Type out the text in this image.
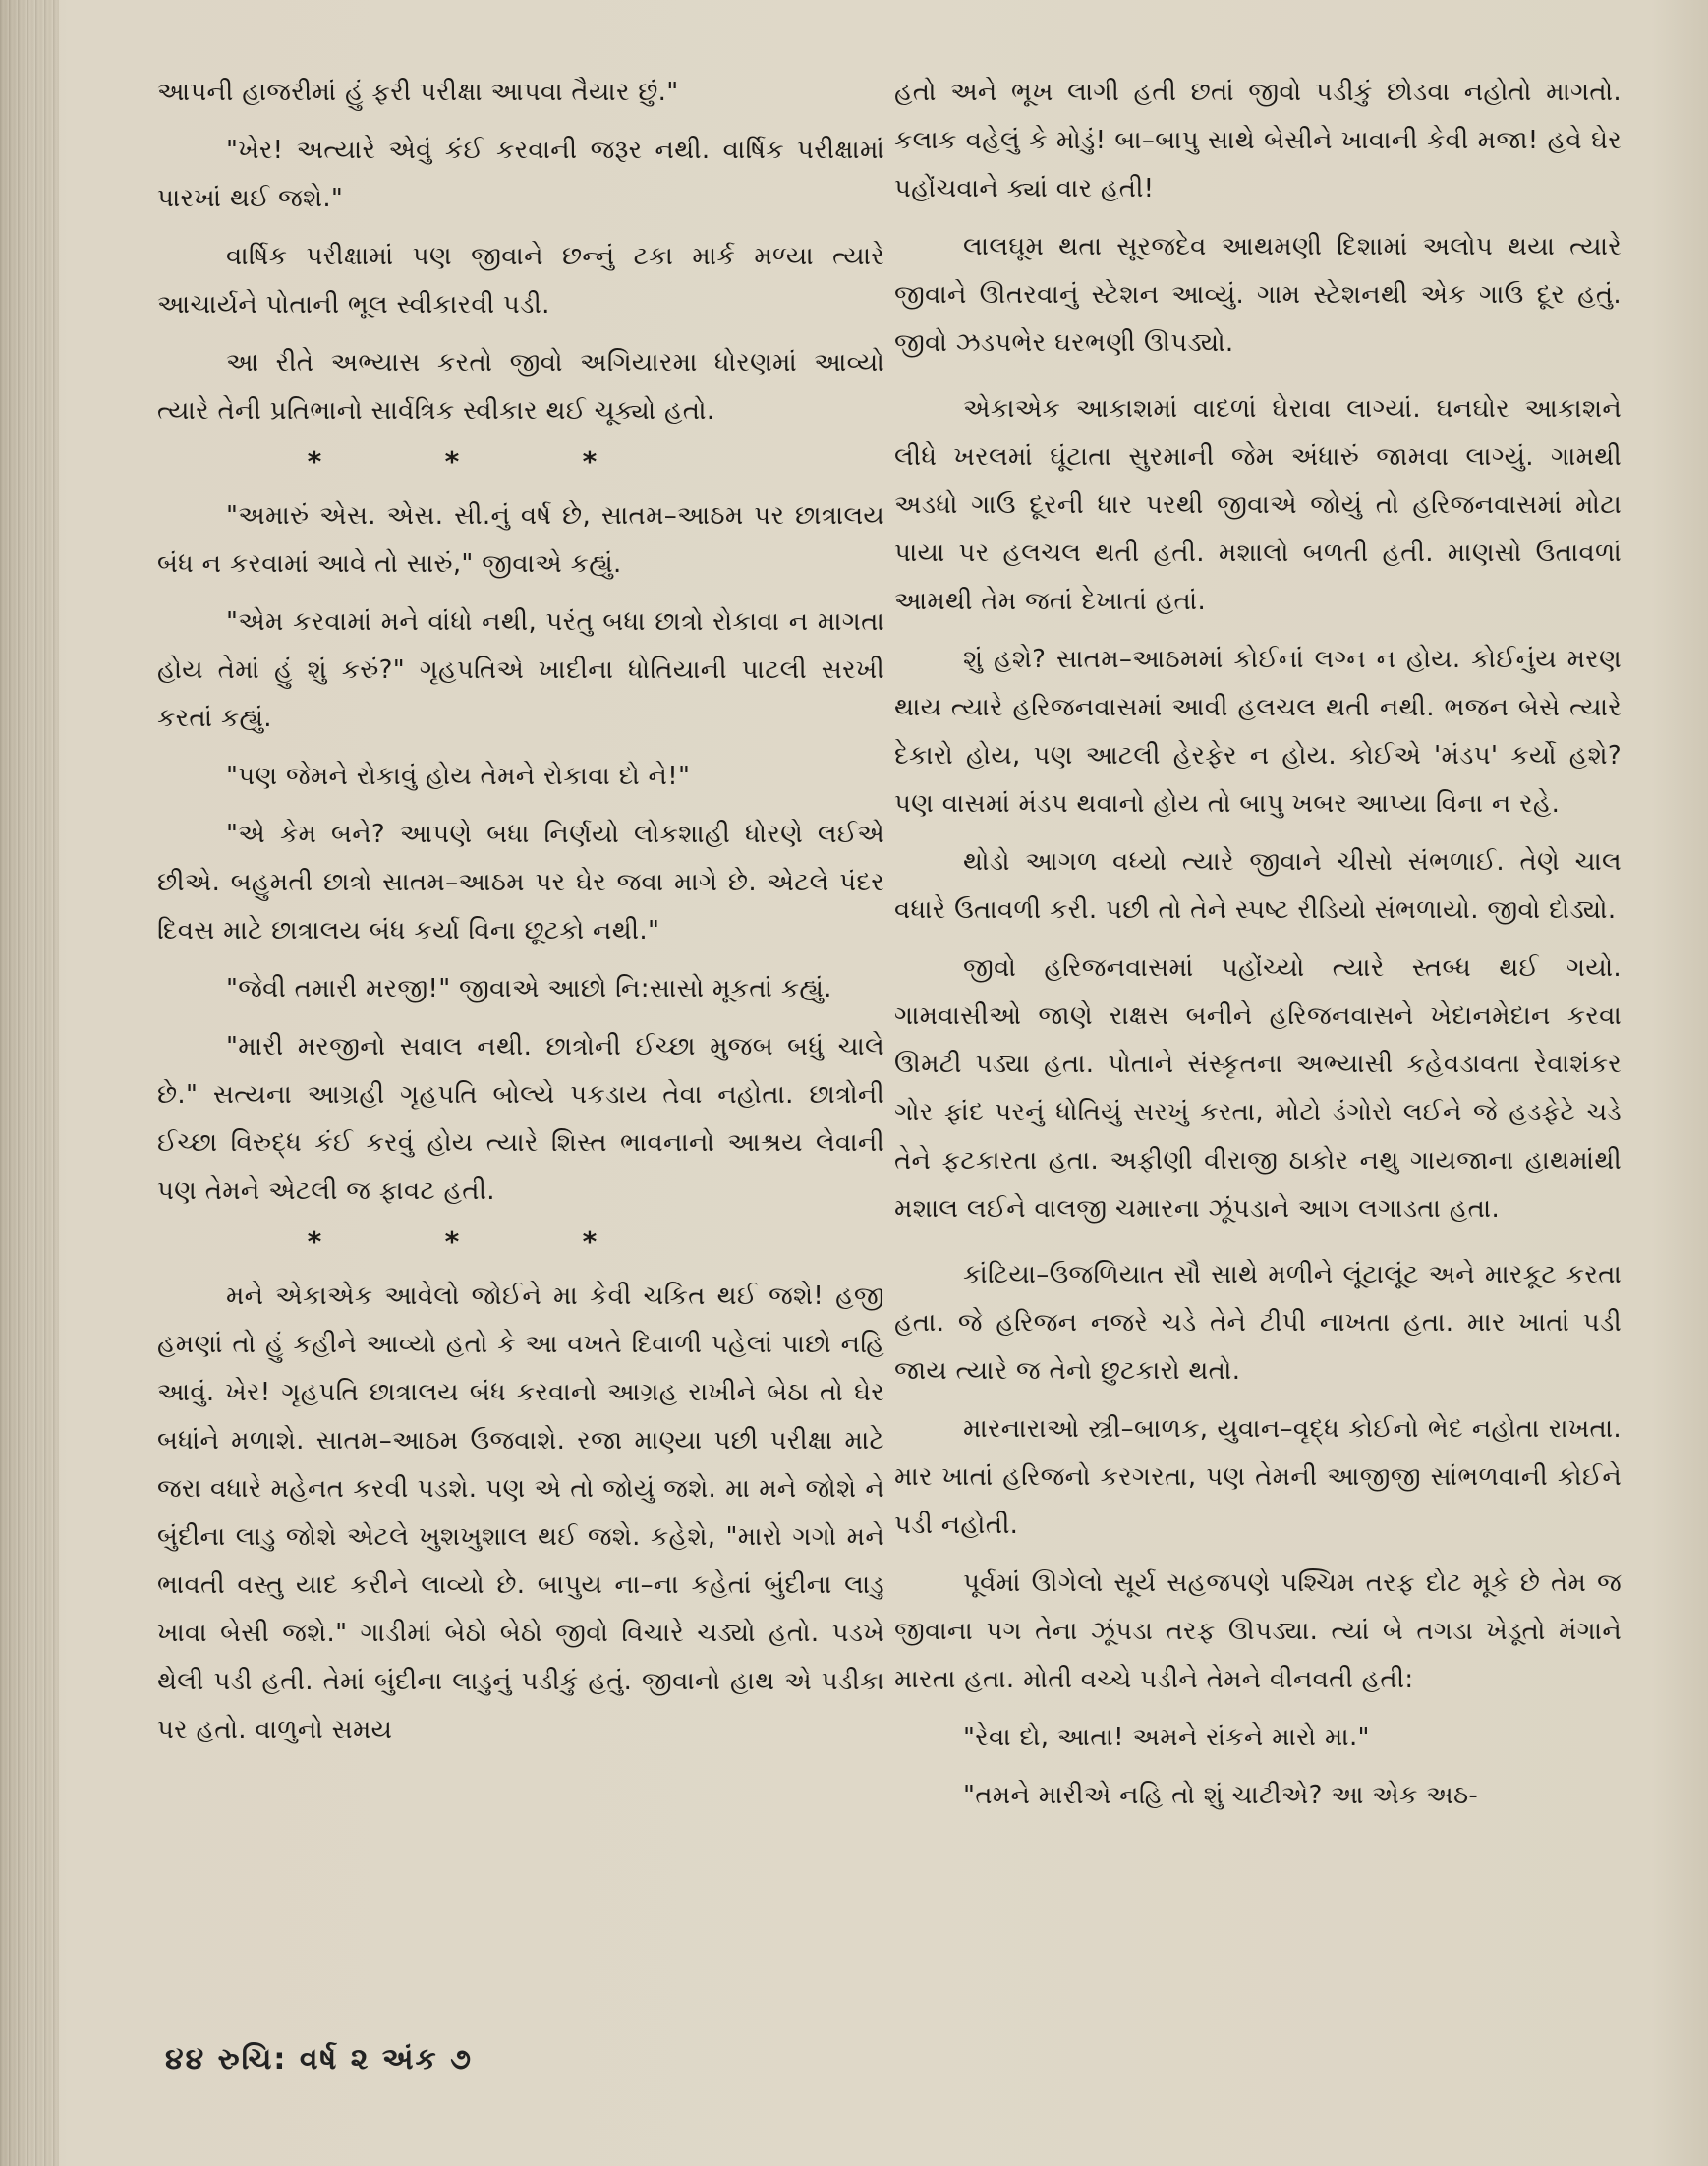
આપની હાજરીમાં હું ફરી પરીક્ષા આપવા તૈયાર છું."

"ખેર! અત્યારે એવું કંઈ કરવાની જરૂર નથી. વાર્ષિક પરીક્ષામાં પારખાં થઈ જશે."

વાર્ષિક પરીક્ષામાં પણ જીવાને છન્નું ટકા માર્ક મળ્યા ત્યારે આચાર્યને પોતાની ભૂલ સ્વીકારવી પડી.

આ રીતે અભ્યાસ કરતો જીવો અગિયારમા ધોરણમાં આવ્યો ત્યારે તેની પ્રતિભાનો સાર્વત્રિક સ્વીકાર થઈ ચૂક્યો હતો.

*	*	*

"અમારું એસ. એસ. સી.નું વર્ષ છે, સાતમ–આઠમ પર છાત્રાલય બંધ ન કરવામાં આવે તો સારું," જીવાએ કહ્યું.

"એમ કરવામાં મને વાંધો નથી, પરંતુ બધા છાત્રો રોકાવા ન માગતા હોય તેમાં હું શું કરું?" ગૃહપતિએ ખાદીના ધોતિયાની પાટલી સરખી કરતાં કહ્યું.

"પણ જેમને રોકાવું હોય તેમને રોકાવા દો ને!"

"એ કેમ બને? આપણે બધા નિર્ણયો લોકશાહી ધોરણે લઈએ છીએ. બહુમતી છાત્રો સાતમ–આઠમ પર ઘેર જવા માગે છે. એટલે પંદર દિવસ માટે છાત્રાલય બંધ કર્યા વિના છૂટકો નથી."

"જેવી તમારી મરજી!" જીવાએ આછો નિ:સાસો મૂકતાં કહ્યું.

"મારી મરજીનો સવાલ નથી. છાત્રોની ઈચ્છા મુજબ બધું ચાલે છે." સત્યના આગ્રહી ગૃહપતિ બોલ્યે પકડાય તેવા નહોતા. છાત્રોની ઈચ્છા વિરુદ્ધ કંઈ કરવું હોય ત્યારે શિસ્ત ભાવનાનો આશ્રય લેવાની પણ તેમને એટલી જ ફાવટ હતી.

*	*	*

મને એકાએક આવેલો જોઈને મા કેવી ચકિત થઈ જશે! હજી હમણાં તો હું કહીને આવ્યો હતો કે આ વખતે દિવાળી પહેલાં પાછો નહિ આવું. ખેર! ગૃહપતિ છાત્રાલય બંધ કરવાનો આગ્રહ રાખીને બેઠા તો ઘેર બધાંને મળાશે. સાતમ–આઠમ ઉજવાશે. રજા માણ્યા પછી પરીક્ષા માટે જરા વધારે મહેનત કરવી પડશે. પણ એ તો જોયું જશે. મા મને જોશે ને બુંદીના લાડુ જોશે એટલે ખુશખુશાલ થઈ જશે. કહેશે, "મારો ગગો મને ભાવતી વસ્તુ યાદ કરીને લાવ્યો છે. બાપુય ના–ના કહેતાં બુંદીના લાડુ ખાવા બેસી જશે." ગાડીમાં બેઠો બેઠો જીવો વિચારે ચડ્યો હતો. પડખે થેલી પડી હતી. તેમાં બુંદીના લાડુનું પડીકું હતું. જીવાનો હાથ એ પડીકા પર હતો. વાળુનો સમય

હતો અને ભૂખ લાગી હતી છતાં જીવો પડીકું છોડવા નહોતો માગતો. કલાક વહેલું કે મોડું! બા–બાપુ સાથે બેસીને ખાવાની કેવી મજા! હવે ઘેર પહોંચવાને ક્યાં વાર હતી!

લાલઘૂમ થતા સૂરજદેવ આથમણી દિશામાં અલોપ થયા ત્યારે જીવાને ઊતરવાનું સ્ટેશન આવ્યું. ગામ સ્ટેશનથી એક ગાઉ દૂર હતું. જીવો ઝડપભેર ઘરભણી ઊપડ્યો.

એકાએક આકાશમાં વાદળાં ઘેરાવા લાગ્યાં. ઘનઘોર આકાશને લીધે ખરલમાં ઘૂંટાતા સુરમાની જેમ અંધારું જામવા લાગ્યું. ગામથી અડધો ગાઉ દૂરની ધાર પરથી જીવાએ જોયું તો હરિજનવાસમાં મોટા પાયા પર હલચલ થતી હતી. મશાલો બળતી હતી. માણસો ઉતાવળાં આમથી તેમ જતાં દેખાતાં હતાં.

શું હશે? સાતમ–આઠમમાં કોઈનાં લગ્ન ન હોય. કોઈનુંય મરણ થાય ત્યારે હરિજનવાસમાં આવી હલચલ થતી નથી. ભજન બેસે ત્યારે દેકારો હોય, પણ આટલી હેરફેર ન હોય. કોઈએ 'મંડપ' કર્યો હશે? પણ વાસમાં મંડપ થવાનો હોય તો બાપુ ખબર આપ્યા વિના ન રહે.

થોડો આગળ વધ્યો ત્યારે જીવાને ચીસો સંભળાઈ. તેણે ચાલ વધારે ઉતાવળી કરી. પછી તો તેને સ્પષ્ટ રીડિયો સંભળાયો. જીવો દોડ્યો.

જીવો હરિજનવાસમાં પહોંચ્યો ત્યારે સ્તબ્ધ થઈ ગયો. ગામવાસીઓ જાણે રાક્ષસ બનીને હરિજનવાસને ખેદાનમેદાન કરવા ઊમટી પડ્યા હતા. પોતાને સંસ્કૃતના અભ્યાસી કહેવડાવતા રેવાશંકર ગોર ફાંદ પરનું ધોતિયું સરખું કરતા, મોટો ડંગોરો લઈને જે હડફેટે ચડે તેને ફટકારતા હતા. અફીણી વીરાજી ઠાકોર નથુ ગાયજાના હાથમાંથી મશાલ લઈને વાલજી ચમારના ઝૂંપડાને આગ લગાડતા હતા.

કાંટિયા–ઉજળિયાત સૌ સાથે મળીને લૂંટાલૂંટ અને મારકૂટ કરતા હતા. જે હરિજન નજરે ચડે તેને ટીપી નાખતા હતા. માર ખાતાં પડી જાય ત્યારે જ તેનો છુટકારો થતો.

મારનારાઓ સ્ત્રી–બાળક, યુવાન–વૃદ્ધ કોઈનો ભેદ નહોતા રાખતા. માર ખાતાં હરિજનો કરગરતા, પણ તેમની આજીજી સાંભળવાની કોઈને પડી નહોતી.

પૂર્વમાં ઊગેલો સૂર્ય સહજપણે પશ્ચિમ તરફ દોટ મૂકે છે તેમ જ જીવાના પગ તેના ઝૂંપડા તરફ ઊપડ્યા. ત્યાં બે તગડા ખેડૂતો મંગાને મારતા હતા. મોતી વચ્ચે પડીને તેમને વીનવતી હતી:

"રેવા દો, આતા! અમને રાંકને મારો મા."

"તમને મારીએ નહિ તો શું ચાટીએ? આ એક અઠ-

૪૪ રુચિ: વર્ષ ૨ અંક ૭
